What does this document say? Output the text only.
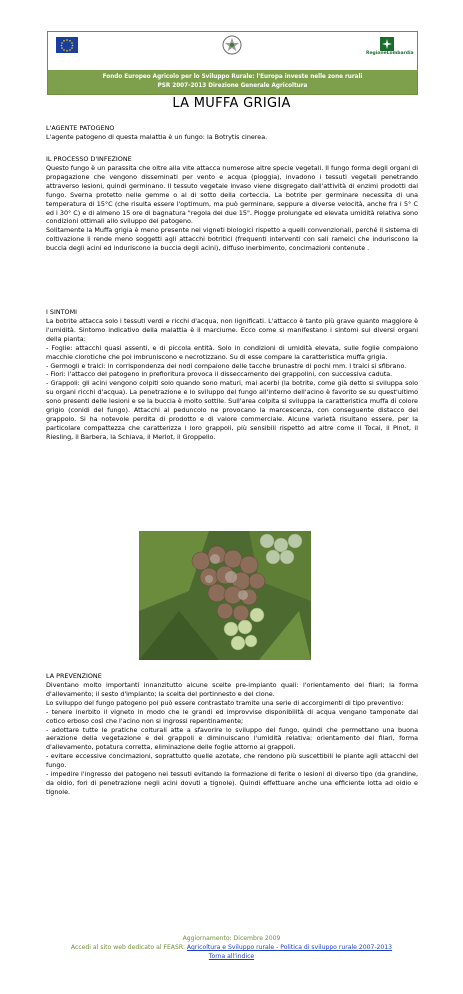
RegioneLombardia
Fondo Europeo Agricolo per lo Sviluppo Rurale: l'Europa investe nelle zone rurali
PSR 2007-2013 Direzione Generale Agricoltura
LA MUFFA GRIGIA
L'AGENTE PATOGENO
L'agente patogeno di questa malattia è un fungo: la Botrytis cinerea.
IL PROCESSO D'INFEZIONE
Questo fungo è un parassita che oltre alla vite attacca numerose altre specie vegetali. Il fungo forma degli organi di propagazione che vengono disseminati per vento e acqua (pioggia), invadono i tessuti vegetali penetrando attraverso lesioni, quindi germinano. Il tessuto vegetale invaso viene disgregato dall'attività di enzimi prodotti dal fungo. Sverna protetto nelle gemme o al di sotto della corteccia. La botrite per germinare necessita di una temperatura di 15°C (che risulta essere l'optimum, ma può germinare, seppure a diverse velocità, anche fra i 5° C ed i 30° C) e di almeno 15 ore di bagnatura "regola dei due 15". Piogge prolungate ed elevata umidità relativa sono condizioni ottimali allo sviluppo del patogeno.
Solitamente la Muffa grigia è meno presente nei vigneti biologici rispetto a quelli convenzionali, perché il sistema di coltivazione li rende meno soggetti agli attacchi botritici (frequenti interventi con sali rameici che induriscono la buccia degli acini ed induriscono la buccia degli acini), diffuso inerbimento, concimazioni contenute .
I SINTOMI
La botrite attacca solo i tessuti verdi e ricchi d'acqua, non lignificati. L'attacco è tanto più grave quanto maggiore è l'umidità. Sintomo indicativo della malattia è il marciume. Ecco come si manifestano i sintomi sui diversi organi della pianta:
- Foglie: attacchi quasi assenti, e di piccola entità. Solo in condizioni di umidità elevata, sulle foglie compaiono macchie clorotiche che poi imbruniscono e necrotizzano. Su di esse compare la caratteristica muffa grigia.
- Germogli e tralci: in corrispondenza dei nodi compaiono delle tacche brunastre di pochi mm. I tralci si sfibrano.
- Fiori: l'attacco del patogeno in prefioritura provoca il disseccamento dei grappolini, con successiva caduta.
- Grappoli: gli acini vengono colpiti solo quando sono maturi, mai acerbi (la botrite, come già detto si sviluppa solo su organi ricchi d'acqua). La penetrazione e lo sviluppo del fungo all'interno dell'acino è favorito se su quest'ultimo sono presenti delle lesioni e se la buccia è molto sottile. Sull'area colpita si sviluppa la caratteristica muffa di colore grigio (conidi del fungo). Attacchi al peduncolo ne provocano la marcescenza, con conseguente distacco del grappolo. Si ha notevole perdita di prodotto e di valore commerciale. Alcune varietà risultano essere, per la particolare compattezza che caratterizza i loro grappoli, più sensibili rispetto ad altre come il Tocai, il Pinot, il Riesling, il Barbera, la Schiava, il Merlot, il Groppello.
LA PREVENZIONE
Diventano molto importanti innanzitutto alcune scelte pre-impianto quali: l'orientamento dei filari; la forma d'allevamento; il sesto d'impianto; la scelta del portinnesto e del clone.
Lo sviluppo del fungo patogeno poi può essere contrastato tramite una serie di accorgimenti di tipo preventivo:
- tenere inerbito il vigneto in modo che le grandi ed improvvise disponibilità di acqua vengano tamponate dal cotico erboso così che l'acino non si ingrossi repentinamente;
- adottare tutte le pratiche colturali atte a sfavorire lo sviluppo del fungo, quindi che permettano una buona aerazione della vegetazione e dei grappoli e diminuiscano l'umidità relativa: orientamento dei filari, forma d'allevamento, potatura corretta, eliminazione delle foglie attorno ai grappoli.
- evitare eccessive concimazioni, soprattutto quelle azotate, che rendono più suscettibili le piante agli attacchi del fungo.
- impedire l'ingresso del patogeno nei tessuti evitando la formazione di ferite o lesioni di diverso tipo (da grandine, da oidio, fori di penetrazione negli acini dovuti a tignole). Quindi effettuare anche una efficiente lotta ad oidio e tignole.
Aggiornamento: Dicembre 2009
Accedi al sito web dedicato al FEASR: Agricoltura e Sviluppo rurale - Politica di sviluppo rurale 2007-2013
Torna all'indice
